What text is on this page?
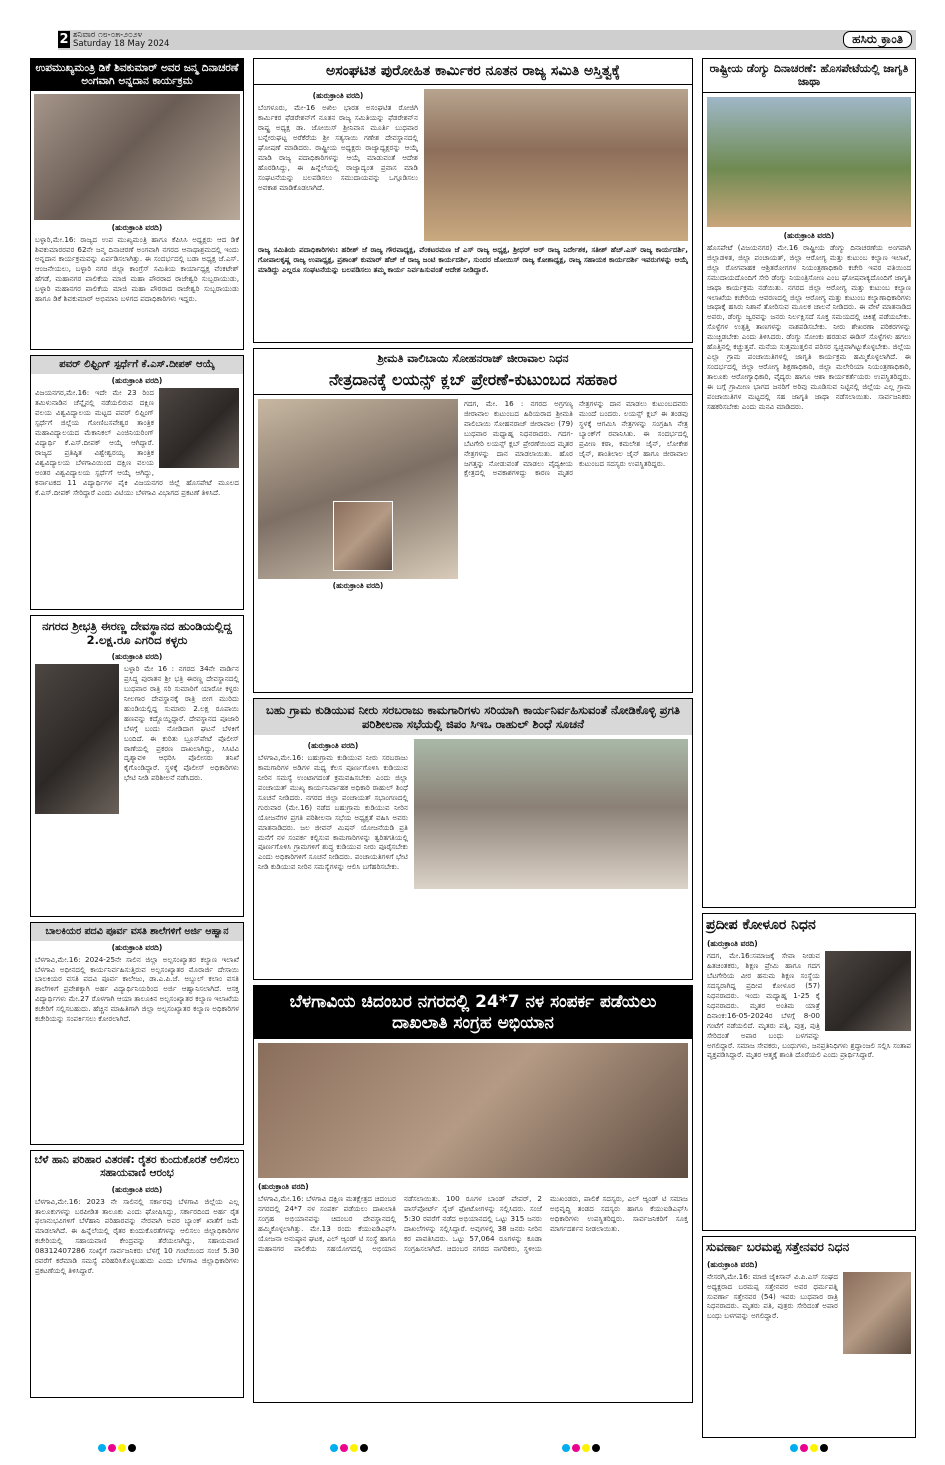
2 ಶನಿವಾರ ೧೮-೦೫-೨೦೨೪
Saturday 18 May 2024	ಹಸಿರು ಕ್ರಾಂತಿ
ಉಪಮುಖ್ಯಮಂತ್ರಿ ಡಿಕೆ ಶಿವಕುಮಾರ್ ಅವರ ಜನ್ಮ ದಿನಾಚರಣೆ ಅಂಗವಾಗಿ ಅನ್ನದಾನ ಕಾರ್ಯಕ್ರಮ
(ಹುರುಕ್ರಾಂತಿ ವರದಿ)
ಬಳ್ಳಾರಿ,ಮೇ.16: ರಾಜ್ಯದ ಉಪ ಮುಖ್ಯಮಂತ್ರಿ ಹಾಗೂ ಕೆಪಿಸಿಸಿ ಅಧ್ಯಕ್ಷರು ಆದ ಡಿಕೆ ಶಿವಕುಮಾರರವರ 62ನೇ ಜನ್ಮ ದಿನಾಚರಣೆ ಅಂಗವಾಗಿ ನಗರದ ಆನಾಥಾಶ್ರಮದಲ್ಲಿ ಇಂದು ಅನ್ನದಾನ ಕಾರ್ಯಕ್ರಮವನ್ನು ಏರ್ಪಡಿಸಲಾಗಿತ್ತು. ಈ ಸಂದರ್ಭದಲ್ಲಿ ಬಡಾ ಅಧ್ಯಕ್ಷ ಜೆ.ಎಸ್. ಆಂಜನೇಯಲು, ಬಳ್ಳಾರಿ ನಗರ ಜಿಲ್ಲಾ ಕಾಂಗ್ರೆಸ್ ಸಮಿತಿಯ ಕಾರ್ಯಾಧ್ಯಕ್ಷ ವೆಂಕಟೇಶ್ ಹೆಗಡೆ, ಮಹಾನಗರ ಪಾಲಿಕೆಯ ಮಾಜಿ ಮಹಾ ಪೌರರಾದ ರಾಜೇಶ್ವರಿ ಸುಬ್ಬರಾಯುಡು, ಬಳ್ಳಾರಿ ಮಹಾನಗರ ಪಾಲಿಕೆಯ ಮಾಜಿ ಮಹಾ ಪೌರರಾದ ರಾಜೇಶ್ವರಿ ಸುಬ್ಬರಾಯುಡು ಹಾಗೂ ಡಿಕೆ ಶಿವಕುಮಾರ್ ಅಭಿಮಾನಿ ಬಳಗದ ಪದಾಧಿಕಾರಿಗಳು ಇದ್ದರು.
ಪವರ್ ಲಿಫ್ಟಿಂಗ್ ಸ್ಪರ್ಧೆಗೆ ಕೆ.ಎಸ್.ದೀಪಕ್ ಆಯ್ಕೆ
(ಹುರುಕ್ರಾಂತಿ ವರದಿ)
ವಿಜಯನಗರ,ಮೇ.16: ಇದೇ ಮೇ 23 ರಿಂದ ತಮಿಳುನಾಡಿನ ಚೆನ್ನೈನಲ್ಲಿ ನಡೆಯಲಿರುವ ದಕ್ಷಿಣ ವಲಯ ವಿಶ್ವವಿದ್ಯಾಲಯ ಮಟ್ಟದ ಪವರ್ ಲಿಫ್ಟಿಂಗ್ ಸ್ಪರ್ಧೆಗೆ ಜಿಲ್ಲೆಯ ಗೋಣಿಬಸವೇಶ್ವರ ತಾಂತ್ರಿಕ ಮಹಾವಿದ್ಯಾಲಯದ ಮೆಕಾನಿಕಲ್ ಎಂಜಿನಿಯರಿಂಗ್ ವಿದ್ಯಾರ್ಥಿ ಕೆ.ಎಸ್.ದೀಪಕ್ ಆಯ್ಕೆ ಆಗಿದ್ದಾರೆ. ರಾಜ್ಯದ ಪ್ರತಿಷ್ಠಿತ ವಿಶ್ವೇಶ್ವರಯ್ಯ ತಾಂತ್ರಿಕ ವಿಶ್ವವಿದ್ಯಾಲಯ ಬೆಳಗಾವಿಯಿಂದ ದಕ್ಷಿಣ ವಲಯ ಅಂತರ ವಿಶ್ವವಿದ್ಯಾಲಯ ಸ್ಪರ್ಧೆಗೆ ಆಯ್ಕೆ ಆಗಿದ್ದು, ಕರ್ನಾಟಕದ 11 ವಿದ್ಯಾರ್ಥಿಗಳ ಪೈಕಿ ವಿಜಯನಗರ ಜಿಲ್ಲೆ ಹೊಸಪೇಟೆ ಮೂಲದ ಕೆ.ಎಸ್.ದೀಪಕ್ ಸೇರಿದ್ದಾರೆ ಎಂದು ವಿಟಿಯು ಬೆಳಗಾವಿ ವಿಭಾಗದ ಪ್ರಕಟಣೆ ತಿಳಿಸಿದೆ.
ನಗರದ ಶ್ರೀಭತ್ರಿ ಈರಣ್ಣ ದೇವಸ್ಥಾನದ ಹುಂಡಿಯಲ್ಲಿದ್ದ 2.ಲಕ್ಷ.ರೂ ಎಗರಿದ ಕಳ್ಳರು
(ಹುರುಕ್ರಾಂತಿ ವರದಿ)
ಬಳ್ಳಾರಿ ಮೇ 16 : ನಗರದ 34ನೇ ವಾರ್ಡಿನ ಪ್ರಸಿದ್ಧ ಪುರಾತನ ಶ್ರೀ ಭತ್ರಿ ಈರಣ್ಣ ದೇವಸ್ಥಾನದಲ್ಲಿ ಬುಧವಾರ ರಾತ್ರಿ ಸರಿ ಸುಮಾರಿಗೆ ಯಾರೋ ಕಳ್ಳರು ನೀಲಗಾರ ದೇವಸ್ಥಾನಕ್ಕೆ ರಾತ್ರಿ ಬೀಗ ಮುರಿದು ಹುಂಡಿಯಲ್ಲಿದ್ದ ಸುಮಾರು 2.ಲಕ್ಷ ರೂಪಾಯಿ ಹಣವನ್ನು ಕದ್ದೊಯ್ದಿದ್ದಾರೆ. ದೇವಸ್ಥಾನದ ಪೂಜಾರಿ ಬೆಳಗ್ಗೆ ಬಂದು ನೋಡಿದಾಗ ಘಟನೆ ಬೆಳಕಿಗೆ ಬಂದಿದೆ. ಈ ಕುರಿತು ಬ್ರೂಸ್‌ಪೇಟೆ ಪೊಲೀಸ್ ಠಾಣೆಯಲ್ಲಿ ಪ್ರಕರಣ ದಾಖಲಾಗಿದ್ದು, ಸಿಸಿಟಿವಿ ದೃಶ್ಯಾವಳಿ ಆಧರಿಸಿ ಪೊಲೀಸರು ತನಿಖೆ ಕೈಗೊಂಡಿದ್ದಾರೆ. ಸ್ಥಳಕ್ಕೆ ಪೊಲೀಸ್ ಅಧಿಕಾರಿಗಳು ಭೇಟಿ ನೀಡಿ ಪರಿಶೀಲನೆ ನಡೆಸಿದರು.
ಬಾಲಕಿಯರ ಪದವಿ ಪೂರ್ವ ವಸತಿ ಶಾಲೆಗಳಿಗೆ ಅರ್ಜಿ ಆಹ್ವಾನ
(ಹುರುಕ್ರಾಂತಿ ವರದಿ)
ಬೆಳಗಾವಿ,ಮೇ.16: 2024-25ನೇ ಸಾಲಿನ ಜಿಲ್ಲಾ ಅಲ್ಪಸಂಖ್ಯಾತರ ಕಲ್ಯಾಣ ಇಲಾಖೆ ಬೆಳಗಾವಿ ಅಧೀನದಲ್ಲಿ ಕಾರ್ಯನಿರ್ವಹಿಸುತ್ತಿರುವ ಅಲ್ಪಸಂಖ್ಯಾತರ ಮೊರಾರ್ಜಿ ದೇಸಾಯಿ ಬಾಲಕಿಯರ ವಸತಿ ಪದವಿ ಪೂರ್ವ ಕಾಲೇಜು, ಡಾ.ಎ.ಪಿ.ಜೆ. ಅಬ್ದುಲ್ ಕಲಾಂ ವಸತಿ ಶಾಲೆಗಳಿಗೆ ಪ್ರವೇಶಕ್ಕಾಗಿ ಅರ್ಹ ವಿದ್ಯಾರ್ಥಿನಿಯರಿಂದ ಅರ್ಜಿ ಆಹ್ವಾನಿಸಲಾಗಿದೆ. ಆಸಕ್ತ ವಿದ್ಯಾರ್ಥಿಗಳು ಮೇ.27 ರೊಳಗಾಗಿ ಆಯಾ ತಾಲೂಕಿನ ಅಲ್ಪಸಂಖ್ಯಾತರ ಕಲ್ಯಾಣ ಇಲಾಖೆಯ ಕಚೇರಿಗೆ ಸಲ್ಲಿಸಬಹುದು. ಹೆಚ್ಚಿನ ಮಾಹಿತಿಗಾಗಿ ಜಿಲ್ಲಾ ಅಲ್ಪಸಂಖ್ಯಾತರ ಕಲ್ಯಾಣ ಅಧಿಕಾರಿಗಳ ಕಚೇರಿಯನ್ನು ಸಂಪರ್ಕಿಸಲು ಕೋರಲಾಗಿದೆ.
ಬೆಳೆ ಹಾನಿ ಪರಿಹಾರ ವಿತರಣೆ: ರೈತರ ಕುಂದುಕೊರತೆ ಆಲಿಸಲು ಸಹಾಯವಾಣಿ ಆರಂಭ
(ಹುರುಕ್ರಾಂತಿ ವರದಿ)
ಬೆಳಗಾವಿ,ಮೇ.16: 2023 ನೇ ಸಾಲಿನಲ್ಲಿ ಸರ್ಕಾರವು ಬೆಳಗಾವಿ ಜಿಲ್ಲೆಯ ಎಲ್ಲ ತಾಲೂಕುಗಳನ್ನು ಬರಪೀಡಿತ ತಾಲೂಕು ಎಂದು ಘೋಷಿಸಿದ್ದು, ಸರ್ಕಾರದಿಂದ ಅರ್ಹ ರೈತ ಫಲಾನುಭವಿಗಳಿಗೆ ಬೆಳೆಹಾನಿ ಪರಿಹಾರವನ್ನು ನೇರವಾಗಿ ಅವರ ಬ್ಯಾಂಕ್ ಖಾತೆಗೆ ಜಮೆ ಮಾಡಲಾಗಿದೆ. ಈ ಹಿನ್ನೆಲೆಯಲ್ಲಿ ರೈತರ ಕುಂದುಕೊರತೆಗಳನ್ನು ಆಲಿಸಲು ಜಿಲ್ಲಾಧಿಕಾರಿಗಳ ಕಚೇರಿಯಲ್ಲಿ ಸಹಾಯವಾಣಿ ಕೇಂದ್ರವನ್ನು ತೆರೆಯಲಾಗಿದ್ದು, ಸಹಾಯವಾಣಿ 08312407286 ಸಂಖ್ಯೆಗೆ ಸಾರ್ವಜನಿಕರು ಬೆಳಗ್ಗೆ 10 ಗಂಟೆಯಿಂದ ಸಂಜೆ 5.30 ರವರೆಗೆ ಕರೆಮಾಡಿ ಸಮಸ್ಯೆ ಪರಿಹರಿಸಿಕೊಳ್ಳಬಹುದು ಎಂದು ಬೆಳಗಾವಿ ಜಿಲ್ಲಾಧಿಕಾರಿಗಳು ಪ್ರಕಟಣೆಯಲ್ಲಿ ತಿಳಿಸಿದ್ದಾರೆ.
ಅಸಂಘಟಿತ ಪುರೋಹಿತ ಕಾರ್ಮಿಕರ ನೂತನ ರಾಜ್ಯ ಸಮಿತಿ ಅಸ್ತಿತ್ವಕ್ಕೆ
(ಹುರುಕ್ರಾಂತಿ ವರದಿ)
ಬೆಂಗಳೂರು, ಮೇ-16 ಅಖಿಲ ಭಾರತ ಅಸಂಘಟಿತ ರೋಜಿಗಿ ಕಾರ್ಮಿಕರ ಫೆಡರೇಶನ್‌ಗೆ ನೂತನ ರಾಜ್ಯ ಸಮಿತಿಯನ್ನು ಫೆಡರೇಶನ್‌ನ ರಾಷ್ಟ್ರ ಅಧ್ಯಕ್ಷ ಡಾ. ಜೋಯಿಸ್ ಶ್ರೀನಿವಾಸ ಮೂರ್ತಿ ಬುಧವಾರ ಬನ್ನೇರುಘಟ್ಟ ಅರೆಕೆರೆಯ ಶ್ರೀ ಸತ್ಯಸಾಯಿ ಗಣೇಶ ದೇವಸ್ಥಾನದಲ್ಲಿ ಘೋಷಣೆ ಮಾಡಿದರು. ರಾಷ್ಟ್ರೀಯ ಅಧ್ಯಕ್ಷರು ರಾಜ್ಯಾಧ್ಯಕ್ಷರನ್ನು ಆಯ್ಕೆ ಮಾಡಿ ರಾಜ್ಯ ಪದಾಧಿಕಾರಿಗಳನ್ನು ಆಯ್ಕೆ ಮಾಡುವಂತೆ ಆದೇಶ ಹೊರಡಿಸಿದ್ದು, ಈ ಹಿನ್ನೆಲೆಯಲ್ಲಿ ರಾಜ್ಯಾದ್ಯಂತ ಪ್ರವಾಸ ಮಾಡಿ ಸಂಘಟನೆಯನ್ನು ಬಲಪಡಿಸಲು ಸಮುದಾಯವನ್ನು ಒಗ್ಗೂಡಿಸಲು ಅವಕಾಶ ಮಾಡಿಕೊಡಲಾಗಿದೆ.
ರಾಜ್ಯ ಸಮಿತಿಯ ಪದಾಧಿಕಾರಿಗಳು: ಹರೀಶ್ ಜೆ ರಾಜ್ಯ ಗೌರವಾಧ್ಯಕ್ಷ, ವೆಂಕಟರಮಣ ಜೆ ಎಸ್ ರಾಜ್ಯ ಅಧ್ಯಕ್ಷ, ಶ್ರೀಧರ್ ಅರ್ ರಾಜ್ಯ ನಿರ್ದೇಶಕ, ಸತೀಶ್ ಹೆಚ್.ಎಸ್ ರಾಜ್ಯ ಕಾರ್ಯದರ್ಶಿ, ಗೋಪಾಲಕೃಷ್ಣ ರಾಜ್ಯ ಉಪಾಧ್ಯಕ್ಷ, ಪ್ರಶಾಂತ್ ಕುಮಾರ್ ಹೆಚ್ ಜೆ ರಾಜ್ಯ ಜಂಟಿ ಕಾರ್ಯದರ್ಶಿ, ಸುಂದರ ಜೋಯಿಸ್ ರಾಜ್ಯ ಕೋಶಾಧ್ಯಕ್ಷ, ರಾಜ್ಯ ಸಹಾಯಕ ಕಾರ್ಯದರ್ಶಿ ಇವರುಗಳನ್ನು ಆಯ್ಕೆ ಮಾಡಿದ್ದು ಎಲ್ಲರೂ ಸಂಘಟನೆಯನ್ನು ಬಲಪಡಿಸಲು ತಮ್ಮ ಕಾರ್ಯ ನಿರ್ವಹಿಸುವಂತೆ ಆದೇಶ ನೀಡಿದ್ದಾರೆ.
ಶ್ರೀಮತಿ ವಾಲಿಬಾಯಿ ಸೋಹನರಾಜ್ ಜೀರಾವಾಲ ನಿಧನ
ನೇತ್ರದಾನಕ್ಕೆ ಲಯನ್ಸ್ ಕ್ಲಬ್ ಪ್ರೇರಣೆ-ಕುಟುಂಬದ ಸಹಕಾರ
(ಹುರುಕ್ರಾಂತಿ ವರದಿ)
ಗದಗ, ಮೇ. 16 : ನಗರದ ಅಗ್ರಗಣ್ಯ ಜೀರಾವಾಲ ಕುಟುಂಬದ ಹಿರಿಯರಾದ ಶ್ರೀಮತಿ ವಾಲಿಬಾಯಿ ಸೋಹನರಾಜ್ ಜೀರಾವಾಲ (79) ಬುಧವಾರ ಮಧ್ಯಾಹ್ನ ನಿಧನರಾದರು. ಗದಗ-ಬೆಟಗೇರಿ ಲಯನ್ಸ್ ಕ್ಲಬ್ ಪ್ರೇರಣೆಯಿಂದ ಮೃತರ ನೇತ್ರಗಳನ್ನು ದಾನ ಮಾಡಲಾಯಿತು. ಹೊರ ಜಗತ್ತನ್ನು ನೋಡುವಂತೆ ಮಾಡಲು ವೈದ್ಯಕೀಯ ಕ್ಷೇತ್ರದಲ್ಲಿ ಅವಕಾಶಗಳಿದ್ದು ಕಾರಣ ಮೃತರ ನೇತ್ರಗಳನ್ನು ದಾನ ಮಾಡಲು ಕುಟುಂಬದವರು ಮುಂದೆ ಬಂದರು. ಲಯನ್ಸ್ ಕ್ಲಬ್ ಈ ತಂಡವು ಸ್ಥಳಕ್ಕೆ ಆಗಮಿಸಿ ನೇತ್ರಗಳನ್ನು ಸಂಗ್ರಹಿಸಿ ನೇತ್ರ ಬ್ಯಾಂಕ್‌ಗೆ ರವಾನಿಸಿತು. ಈ ಸಂದರ್ಭದಲ್ಲಿ ಪ್ರವೀಣ ಕಠಾ, ಕಮಲೇಶ ಜೈನ್, ಲೋಕೇಶ ಜೈನ್, ಶಾಂತಿಲಾಲ ಜೈನ್ ಹಾಗೂ ಜೀರಾವಾಲ ಕುಟುಂಬದ ಸದಸ್ಯರು ಉಪಸ್ಥಿತರಿದ್ದರು.
ಬಹು ಗ್ರಾಮ ಕುಡಿಯುವ ನೀರು ಸರಬರಾಜು ಕಾಮಗಾರಿಗಳು ಸರಿಯಾಗಿ ಕಾರ್ಯನಿರ್ವಹಿಸುವಂತೆ ನೋಡಿಕೊಳ್ಳಿ ಪ್ರಗತಿ ಪರಿಶೀಲನಾ ಸಭೆಯಲ್ಲಿ ಜಿಪಂ ಸಿಇಒ ರಾಹುಲ್ ಶಿಂಧೆ ಸೂಚನೆ
(ಹುರುಕ್ರಾಂತಿ ವರದಿ)
ಬೆಳಗಾವಿ,ಮೇ.16: ಬಹುಗ್ರಾಮ ಕುಡಿಯುವ ನೀರು ಸರಬರಾಜು ಕಾಮಗಾರಿಗಳ ಅಡಿಗಳ ಮಧ್ಯ ಕೆಲಸ ಪೂರ್ಣಗೊಳಿಸಿ ಕುಡಿಯುವ ನೀರಿನ ಸಮಸ್ಯೆ ಉಂಟಾಗದಂತೆ ಕ್ರಮವಹಿಸಬೇಕು ಎಂದು ಜಿಲ್ಲಾ ಪಂಚಾಯತ್ ಮುಖ್ಯ ಕಾರ್ಯನಿರ್ವಾಹಕ ಅಧಿಕಾರಿ ರಾಹುಲ್ ಶಿಂಧೆ ಸೂಚನೆ ನೀಡಿದರು. ನಗರದ ಜಿಲ್ಲಾ ಪಂಚಾಯತ್ ಸಭಾಂಗಣದಲ್ಲಿ ಗುರುವಾರ (ಮೇ.16) ನಡೆದ ಬಹುಗ್ರಾಮ ಕುಡಿಯುವ ನೀರಿನ ಯೋಜನೆಗಳ ಪ್ರಗತಿ ಪರಿಶೀಲನಾ ಸಭೆಯ ಅಧ್ಯಕ್ಷತೆ ವಹಿಸಿ ಅವರು ಮಾತನಾಡಿದರು. ಜಲ ಜೀವನ್ ಮಿಷನ್ ಯೋಜನೆಯಡಿ ಪ್ರತಿ ಮನೆಗೆ ನಳ ಸಂಪರ್ಕ ಕಲ್ಪಿಸುವ ಕಾಮಗಾರಿಗಳನ್ನು ತ್ವರಿತಗತಿಯಲ್ಲಿ ಪೂರ್ಣಗೊಳಿಸಿ ಗ್ರಾಮಗಳಿಗೆ ಶುದ್ಧ ಕುಡಿಯುವ ನೀರು ಪೂರೈಸಬೇಕು ಎಂದು ಅಧಿಕಾರಿಗಳಿಗೆ ಸೂಚನೆ ನೀಡಿದರು. ಪಂಚಾಯತಿಗಳಿಗೆ ಭೇಟಿ ನೀಡಿ ಕುಡಿಯುವ ನೀರಿನ ಸಮಸ್ಯೆಗಳನ್ನು ಆಲಿಸಿ ಬಗೆಹರಿಸಬೇಕು.
ಬೆಳಗಾವಿಯ ಚಿದಂಬರ ನಗರದಲ್ಲಿ 24*7 ನಳ ಸಂಪರ್ಕ ಪಡೆಯಲು ದಾಖಲಾತಿ ಸಂಗ್ರಹ ಅಭಿಯಾನ
(ಹುರುಕ್ರಾಂತಿ ವರದಿ)
ಬೆಳಗಾವಿ,ಮೇ.16: ಬೆಳಗಾವಿ ದಕ್ಷಿಣ ಮತಕ್ಷೇತ್ರದ ಚಿದಂಬರ ನಗರದಲ್ಲಿ 24*7 ನಳ ಸಂಪರ್ಕ ಪಡೆಯಲು ದಾಖಲಾತಿ ಸಂಗ್ರಹ ಅಭಿಯಾನವನ್ನು ಚಿದಂಬರ ದೇವಸ್ಥಾನದಲ್ಲಿ ಹಮ್ಮಿಕೊಳ್ಳಲಾಗಿತ್ತು. ಮೇ.13 ರಂದು ಕೆಯುಐಡಿಎಫ್‌ಸಿ ಯೋಜನಾ ಅನುಷ್ಠಾನ ಘಟಕ, ಎಲ್ ಆ್ಯಂಡ್ ಟಿ ಸಂಸ್ಥೆ ಹಾಗೂ ಮಹಾನಗರ ಪಾಲಿಕೆಯ ಸಹಯೋಗದಲ್ಲಿ ಅಭಿಯಾನ ನಡೆಸಲಾಯಿತು. 100 ರೂಗಳ ಬಾಂಡ್ ಪೇಪರ್, 2 ಪಾಸ್‌ಪೋರ್ಟ್ ಸೈಜ್ ಫೋಟೋಗಳನ್ನು ಸಲ್ಲಿಸಿದರು. ಸಂಜೆ 5:30 ರವರೆಗೆ ನಡೆದ ಅಭಿಯಾನದಲ್ಲಿ ಒಟ್ಟು 315 ಜನರು ದಾಖಲೆಗಳನ್ನು ಸಲ್ಲಿಸಿದ್ದಾರೆ. ಅವುಗಳಲ್ಲಿ 38 ಜನರು ನೀರಿನ ಕರ ಪಾವತಿಸಿದರು. ಒಟ್ಟು 57,064 ರೂಗಳನ್ನು ಕೂಡಾ ಸಂಗ್ರಹಿಸಲಾಗಿದೆ. ಚಿದಂಬರ ನಗರದ ನಾಗರಿಕರು, ಸ್ಥಳೀಯ ಮುಖಂಡರು, ಪಾಲಿಕೆ ಸದಸ್ಯರು, ಎಲ್ ಆ್ಯಂಡ್ ಟಿ ಸಮಾಜ ಅಭಿವೃದ್ಧಿ ತಂಡದ ಸದಸ್ಯರು ಹಾಗೂ ಕೆಯುಐಡಿಎಫ್‌ಸಿ ಅಧಿಕಾರಿಗಳು ಉಪಸ್ಥಿತರಿದ್ದರು. ಸಾರ್ವಜನಿಕರಿಗೆ ಸೂಕ್ತ ಮಾರ್ಗದರ್ಶನ ನೀಡಲಾಯಿತು.
ರಾಷ್ಟ್ರೀಯ ಡೆಂಗ್ಯು ದಿನಾಚರಣೆ: ಹೊಸಪೇಟೆಯಲ್ಲಿ ಜಾಗೃತಿ ಜಾಥಾ
(ಹುರುಕ್ರಾಂತಿ ವರದಿ)
ಹೊಸಪೇಟೆ (ವಿಜಯನಗರ) ಮೇ.16 ರಾಷ್ಟ್ರೀಯ ಡೆಂಗ್ಯು ದಿನಾಚರಣೆಯ ಅಂಗವಾಗಿ ಜಿಲ್ಲಾಡಳಿತ, ಜಿಲ್ಲಾ ಪಂಚಾಯತ್, ಜಿಲ್ಲಾ ಆರೋಗ್ಯ ಮತ್ತು ಕುಟುಂಬ ಕಲ್ಯಾಣ ಇಲಾಖೆ, ಜಿಲ್ಲಾ ರೋಗವಾಹಕ ಆಶ್ರಿತರೋಗಗಳ ನಿಯಂತ್ರಣಾಧಿಕಾರಿ ಕಚೇರಿ ಇವರ ವತಿಯಿಂದ ಸಮುದಾಯದೊಂದಿಗೆ ಸೇರಿ ಡೆಂಗ್ಯು ನಿಯಂತ್ರಿಸೋಣ ಎಂಬ ಘೋಷವಾಕ್ಯದೊಂದಿಗೆ ಜಾಗೃತಿ ಜಾಥಾ ಕಾರ್ಯಕ್ರಮ ನಡೆಯಿತು. ನಗರದ ಜಿಲ್ಲಾ ಆರೋಗ್ಯ ಮತ್ತು ಕುಟುಂಬ ಕಲ್ಯಾಣ ಇಲಾಖೆಯ ಕಚೇರಿಯ ಆವರಣದಲ್ಲಿ ಜಿಲ್ಲಾ ಆರೋಗ್ಯ ಮತ್ತು ಕುಟುಂಬ ಕಲ್ಯಾಣಾಧಿಕಾರಿಗಳು ಜಾಥಾಕ್ಕೆ ಹಸಿರು ನಿಶಾನೆ ತೋರಿಸುವ ಮೂಲಕ ಚಾಲನೆ ನೀಡಿದರು. ಈ ವೇಳೆ ಮಾತನಾಡಿದ ಅವರು, ಡೆಂಗ್ಯು ಜ್ವರವನ್ನು ಜನರು ನಿರ್ಲಕ್ಷಿಸದೆ ಸೂಕ್ತ ಸಮಯದಲ್ಲಿ ಚಿಕಿತ್ಸೆ ಪಡೆಯಬೇಕು. ಸೊಳ್ಳೆಗಳ ಉತ್ಪತ್ತಿ ತಾಣಗಳನ್ನು ನಾಶಪಡಿಸಬೇಕು. ನೀರು ಶೇಖರಣಾ ಪರಿಕರಗಳನ್ನು ಮುಚ್ಚಿಡಬೇಕು ಎಂದು ತಿಳಿಸಿದರು. ಡೆಂಗ್ಯು ಸೋಂಕು ಹರಡುವ ಈಡಿಸ್ ಸೊಳ್ಳೆಗಳು ಹಗಲು ಹೊತ್ತಿನಲ್ಲಿ ಕಚ್ಚುತ್ತವೆ. ಮನೆಯ ಸುತ್ತಮುತ್ತಲಿನ ಪರಿಸರ ಸ್ವಚ್ಛವಾಗಿಟ್ಟುಕೊಳ್ಳಬೇಕು. ಜಿಲ್ಲೆಯ ಎಲ್ಲಾ ಗ್ರಾಮ ಪಂಚಾಯಿತಿಗಳಲ್ಲಿ ಜಾಗೃತಿ ಕಾರ್ಯಕ್ರಮ ಹಮ್ಮಿಕೊಳ್ಳಲಾಗಿದೆ. ಈ ಸಂದರ್ಭದಲ್ಲಿ ಜಿಲ್ಲಾ ಆರೋಗ್ಯ ಶಿಕ್ಷಣಾಧಿಕಾರಿ, ಜಿಲ್ಲಾ ಮಲೇರಿಯಾ ನಿಯಂತ್ರಣಾಧಿಕಾರಿ, ತಾಲೂಕು ಆರೋಗ್ಯಾಧಿಕಾರಿ, ವೈದ್ಯರು ಹಾಗೂ ಆಶಾ ಕಾರ್ಯಕರ್ತೆಯರು ಉಪಸ್ಥಿತರಿದ್ದರು. ಈ ಬಗ್ಗೆ ಗ್ರಾಮೀಣ ಭಾಗದ ಜನರಿಗೆ ಅರಿವು ಮೂಡಿಸುವ ನಿಟ್ಟಿನಲ್ಲಿ ಜಿಲ್ಲೆಯ ಎಲ್ಲ ಗ್ರಾಮ ಪಂಚಾಯಿತಿಗಳ ಮಟ್ಟದಲ್ಲಿ ಸಹ ಜಾಗೃತಿ ಜಾಥಾ ನಡೆಸಲಾಯಿತು. ಸಾರ್ವಜನಿಕರು ಸಹಕರಿಸಬೇಕು ಎಂದು ಮನವಿ ಮಾಡಿದರು.
ಪ್ರದೀಪ ಕೋಳೂರ ನಿಧನ
(ಹುರುಕ್ರಾಂತಿ ವರದಿ)
ಗದಗ, ಮೇ.16:ಸಮಾಜಕ್ಕೆ ಸೇವಾ ನೀಡುವ ಹಿತಚಿಂತಕರು, ಶಿಕ್ಷಣ ಪ್ರೇಮಿ ಹಾಗೂ ಗದಗ ಬೆಟಗೇರಿಯ ವೀರ ಹನುಮ ಶಿಕ್ಷಣ ಸಂಸ್ಥೆಯ ಸದಸ್ಯರಾಗಿದ್ದ ಪ್ರದೀಪ ಕೋಳೂರ (57) ನಿಧನರಾದರು. ಇಂದು ಮಧ್ಯಾಹ್ನ 1-25 ಕ್ಕೆ ನಿಧನರಾದರು. ಮೃತರ ಅಂತಿಮ ಯಾತ್ರೆ ದಿನಾಂಕ:16-05-2024ರ ಬೆಳಗ್ಗೆ 8-00 ಗಂಟೆಗೆ ನಡೆಯಲಿದೆ. ಮೃತರು ಪತ್ನಿ, ಪುತ್ರ, ಪುತ್ರಿ ಸೇರಿದಂತೆ ಅಪಾರ ಬಂಧು ಬಳಗವನ್ನು ಅಗಲಿದ್ದಾರೆ. ಸಮಾಜ ಸೇವಕರು, ಬಂಧುಗಳು, ಜನಪ್ರತಿನಿಧಿಗಳು ಶ್ರದ್ಧಾಂಜಲಿ ಸಲ್ಲಿಸಿ ಸಂತಾಪ ವ್ಯಕ್ತಪಡಿಸಿದ್ದಾರೆ. ಮೃತರ ಆತ್ಮಕ್ಕೆ ಶಾಂತಿ ದೊರೆಯಲಿ ಎಂದು ಪ್ರಾರ್ಥಿಸಿದ್ದಾರೆ.
ಸುವರ್ಣಾ ಬರಮಪ್ಪ ಸತ್ತೇನವರ ನಿಧನ
(ಹುರುಕ್ರಾಂತಿ ವರದಿ)
ನೇಸರಗಿ,ಮೇ.16: ಮಾಜಿ ಜೈಕಿಸಾನ್ ವಿ.ಪಿ.ಎಸ್ ಸಂಘದ ಅಧ್ಯಕ್ಷರಾದ ಬರಮಪ್ಪ ಸತ್ತೇನವರ ಅವರ ಧರ್ಮಪತ್ನಿ ಸುವರ್ಣಾ ಸತ್ತೇನವರ (54) ಇವರು ಬುಧವಾರ ರಾತ್ರಿ ನಿಧನರಾದರು. ಮೃತರು ಪತಿ, ಪುತ್ರರು ಸೇರಿದಂತೆ ಅಪಾರ ಬಂಧು ಬಳಗವನ್ನು ಅಗಲಿದ್ದಾರೆ.
